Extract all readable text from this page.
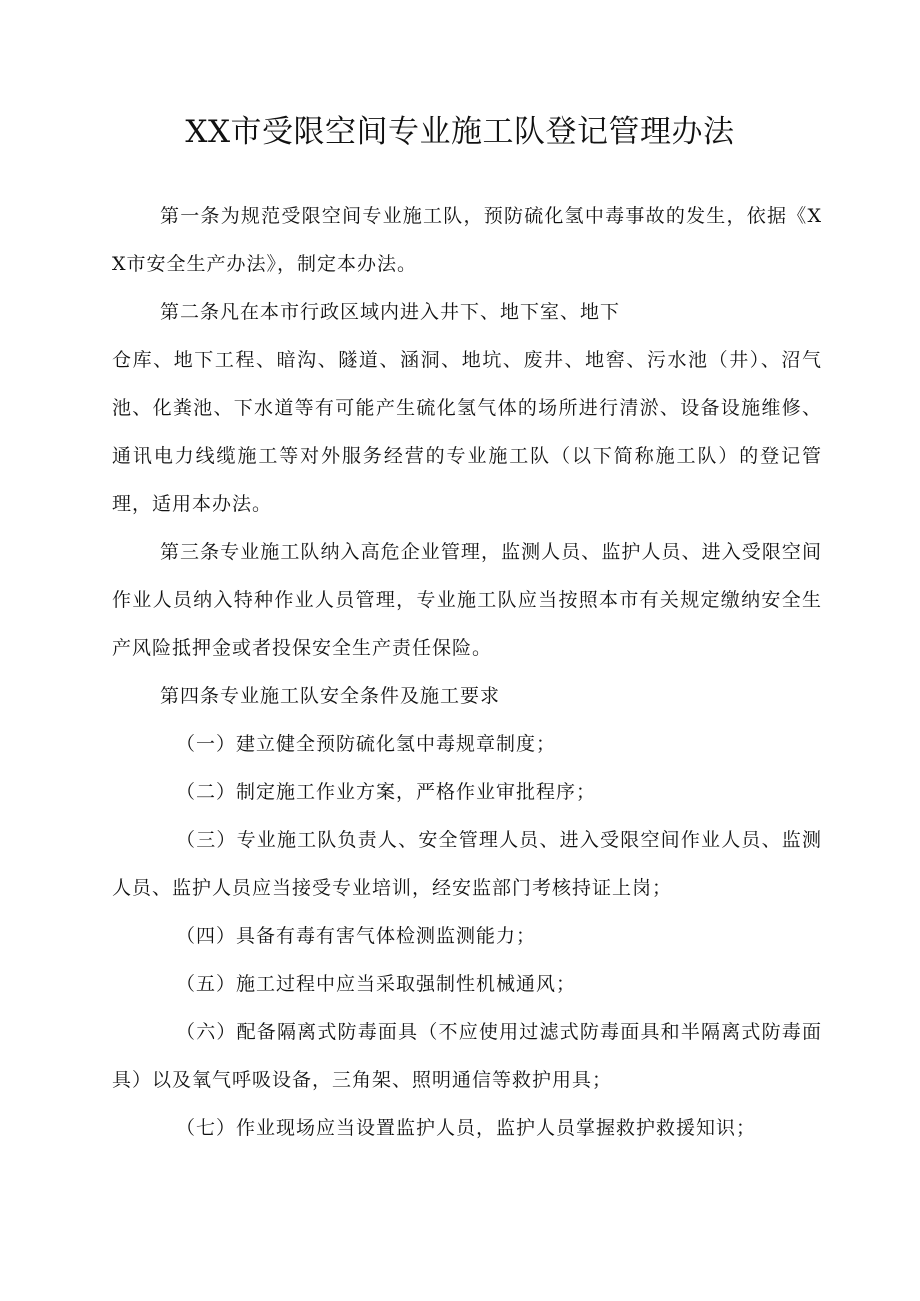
XX市受限空间专业施工队登记管理办法

第一条为规范受限空间专业施工队，预防硫化氢中毒事故的发生，依据《XX市安全生产办法》，制定本办法。

第二条凡在本市行政区域内进入井下、地下室、地下

仓库、地下工程、暗沟、隧道、涵洞、地坑、废井、地窖、污水池（井）、沼气池、化粪池、下水道等有可能产生硫化氢气体的场所进行清淤、设备设施维修、通讯电力线缆施工等对外服务经营的专业施工队（以下简称施工队）的登记管理，适用本办法。

第三条专业施工队纳入高危企业管理，监测人员、监护人员、进入受限空间作业人员纳入特种作业人员管理，专业施工队应当按照本市有关规定缴纳安全生产风险抵押金或者投保安全生产责任保险。

第四条专业施工队安全条件及施工要求

（一）建立健全预防硫化氢中毒规章制度；

（二）制定施工作业方案，严格作业审批程序；

（三）专业施工队负责人、安全管理人员、进入受限空间作业人员、监测人员、监护人员应当接受专业培训，经安监部门考核持证上岗；

（四）具备有毒有害气体检测监测能力；

（五）施工过程中应当采取强制性机械通风；

（六）配备隔离式防毒面具（不应使用过滤式防毒面具和半隔离式防毒面具）以及氧气呼吸设备，三角架、照明通信等救护用具；

（七）作业现场应当设置监护人员，监护人员掌握救护救援知识；
